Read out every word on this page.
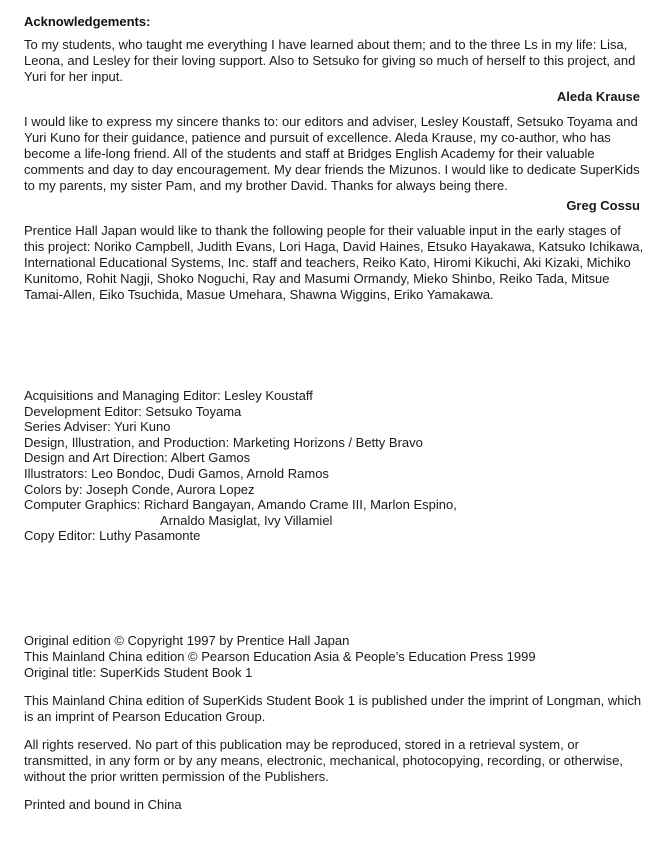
Acknowledgements:

To my students, who taught me everything I have learned about them; and to the three Ls in my life: Lisa, Leona, and Lesley for their loving support. Also to Setsuko for giving so much of herself to this project, and Yuri for her input.

Aleda Krause

I would like to express my sincere thanks to: our editors and adviser, Lesley Koustaff, Setsuko Toyama and Yuri Kuno for their guidance, patience and pursuit of excellence. Aleda Krause, my co-author, who has become a life-long friend. All of the students and staff at Bridges English Academy for their valuable comments and day to day encouragement. My dear friends the Mizunos. I would like to dedicate SuperKids to my parents, my sister Pam, and my brother David. Thanks for always being there.

Greg Cossu

Prentice Hall Japan would like to thank the following people for their valuable input in the early stages of this project: Noriko Campbell, Judith Evans, Lori Haga, David Haines, Etsuko Hayakawa, Katsuko Ichikawa, International Educational Systems, Inc. staff and teachers, Reiko Kato, Hiromi Kikuchi, Aki Kizaki, Michiko Kunitomo, Rohit Nagji, Shoko Noguchi, Ray and Masumi Ormandy, Mieko Shinbo, Reiko Tada, Mitsue Tamai-Allen, Eiko Tsuchida, Masue Umehara, Shawna Wiggins, Eriko Yamakawa.

Acquisitions and Managing Editor: Lesley Koustaff
Development Editor: Setsuko Toyama
Series Adviser: Yuri Kuno
Design, Illustration, and Production: Marketing Horizons / Betty Bravo
Design and Art Direction: Albert Gamos
Illustrators: Leo Bondoc, Dudi Gamos, Arnold Ramos
Colors by: Joseph Conde, Aurora Lopez
Computer Graphics: Richard Bangayan, Amando Crame III, Marlon Espino,
Arnaldo Masiglat, Ivy Villamiel
Copy Editor: Luthy Pasamonte
Original edition © Copyright 1997 by Prentice Hall Japan
This Mainland China edition © Pearson Education Asia & People’s Education Press 1999
Original title: SuperKids Student Book 1
This Mainland China edition of SuperKids Student Book 1 is published under the imprint of Longman, which is an imprint of Pearson Education Group.
All rights reserved. No part of this publication may be reproduced, stored in a retrieval system, or transmitted, in any form or by any means, electronic, mechanical, photocopying, recording, or otherwise, without the prior written permission of the Publishers.
Printed and bound in China
